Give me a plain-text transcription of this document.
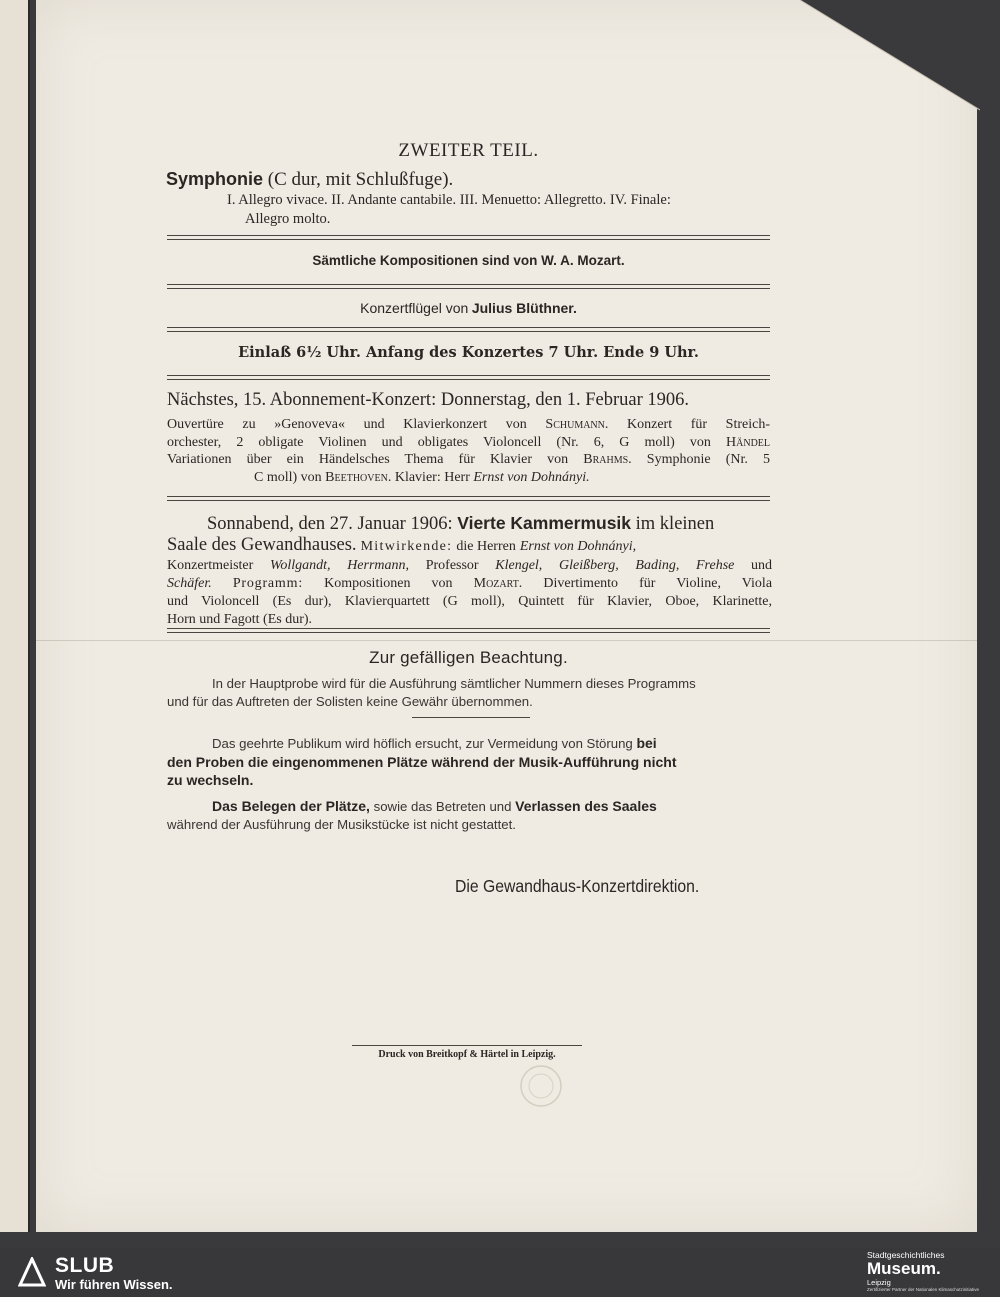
ZWEITER TEIL.
Symphonie (C dur, mit Schlußfuge).
I. Allegro vivace. II. Andante cantabile. III. Menuetto: Allegretto. IV. Finale:
Allegro molto.
Sämtliche Kompositionen sind von W. A. Mozart.
Konzertflügel von Julius Blüthner.
Einlaß 6½ Uhr. Anfang des Konzertes 7 Uhr. Ende 9 Uhr.
Nächstes, 15. Abonnement-Konzert: Donnerstag, den 1. Februar 1906.
Ouvertüre zu »Genoveva« und Klavierkonzert von Schumann. Konzert für Streich-
orchester, 2 obligate Violinen und obligates Violoncell (Nr. 6, G moll) von Händel
Variationen über ein Händelsches Thema für Klavier von Brahms. Symphonie (Nr. 5
C moll) von Beethoven. Klavier: Herr Ernst von Dohnányi.
Sonnabend, den 27. Januar 1906: Vierte Kammermusik im kleinen
Saale des Gewandhauses. Mitwirkende: die Herren Ernst von Dohnányi,
Konzertmeister Wollgandt, Herrmann, Professor Klengel, Gleißberg, Bading, Frehse und
Schäfer. Programm: Kompositionen von Mozart. Divertimento für Violine, Viola
und Violoncell (Es dur), Klavierquartett (G moll), Quintett für Klavier, Oboe, Klarinette,
Horn und Fagott (Es dur).
Zur gefälligen Beachtung.
In der Hauptprobe wird für die Ausführung sämtlicher Nummern dieses Programms
und für das Auftreten der Solisten keine Gewähr übernommen.
Das geehrte Publikum wird höflich ersucht, zur Vermeidung von Störung bei
den Proben die eingenommenen Plätze während der Musik-Aufführung nicht
zu wechseln.
Das Belegen der Plätze, sowie das Betreten und Verlassen des Saales
während der Ausführung der Musikstücke ist nicht gestattet.
Die Gewandhaus-Konzertdirektion.
Druck von Breitkopf & Härtel in Leipzig.
SLUB
Wir führen Wissen.
Stadtgeschichtliches
Museum.
Leipzig
Zertifizierter Partner der Nationalen Klimaschutzinitiative
